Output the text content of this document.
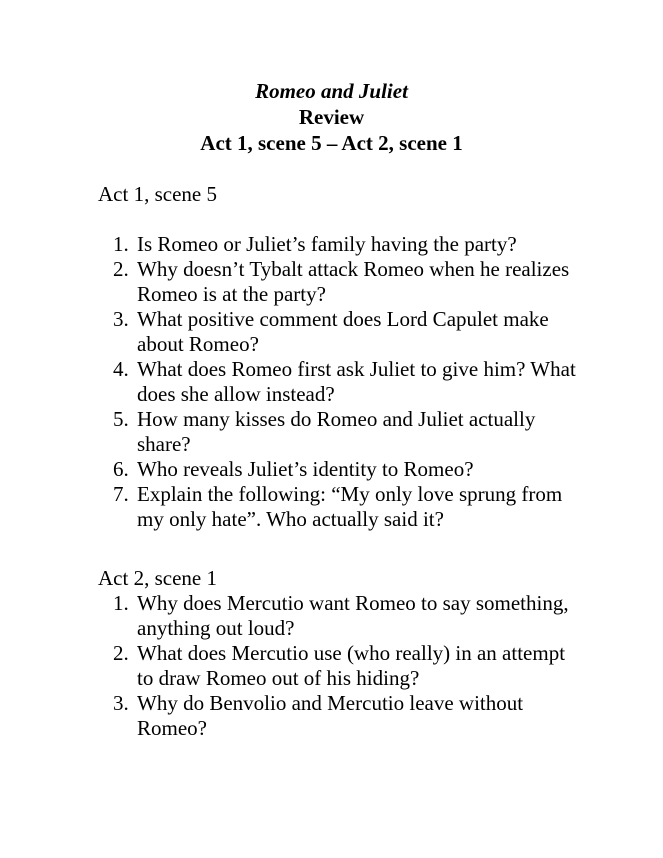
Romeo and Juliet
Review
Act 1, scene 5 – Act 2, scene 1
Act 1, scene 5
1. Is Romeo or Juliet’s family having the party?
2. Why doesn’t Tybalt attack Romeo when he realizes Romeo is at the party?
3. What positive comment does Lord Capulet make about Romeo?
4. What does Romeo first ask Juliet to give him? What does she allow instead?
5. How many kisses do Romeo and Juliet actually share?
6. Who reveals Juliet’s identity to Romeo?
7. Explain the following: “My only love sprung from my only hate”. Who actually said it?
Act 2, scene 1
1. Why does Mercutio want Romeo to say something, anything out loud?
2. What does Mercutio use (who really) in an attempt to draw Romeo out of his hiding?
3. Why do Benvolio and Mercutio leave without Romeo?
